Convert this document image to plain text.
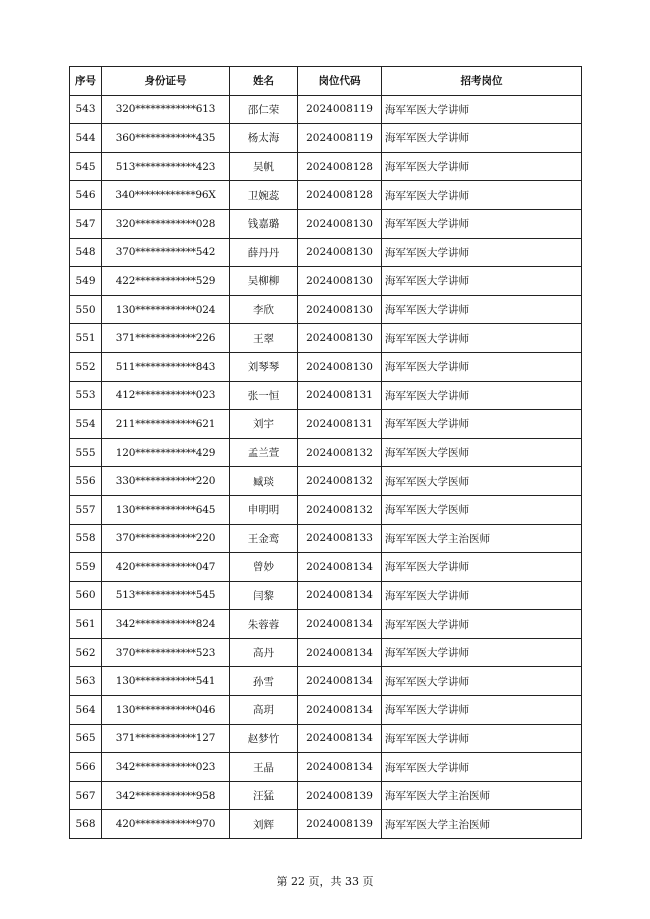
序号	身份证号	姓名	岗位代码	招考岗位
543	320************613	邵仁荣	2024008119	海军军医大学讲师
544	360************435	杨太海	2024008119	海军军医大学讲师
545	513************423	吴帆	2024008128	海军军医大学讲师
546	340************96X	卫婉蕊	2024008128	海军军医大学讲师
547	320************028	钱嘉璐	2024008130	海军军医大学讲师
548	370************542	薛丹丹	2024008130	海军军医大学讲师
549	422************529	吴柳柳	2024008130	海军军医大学讲师
550	130************024	李欣	2024008130	海军军医大学讲师
551	371************226	王翠	2024008130	海军军医大学讲师
552	511************843	刘琴琴	2024008130	海军军医大学讲师
553	412************023	张一恒	2024008131	海军军医大学讲师
554	211************621	刘宇	2024008131	海军军医大学讲师
555	120************429	孟兰萱	2024008132	海军军医大学医师
556	330************220	臧琰	2024008132	海军军医大学医师
557	130************645	申明明	2024008132	海军军医大学医师
558	370************220	王金鸾	2024008133	海军军医大学主治医师
559	420************047	曾妙	2024008134	海军军医大学讲师
560	513************545	闫黎	2024008134	海军军医大学讲师
561	342************824	朱蓉蓉	2024008134	海军军医大学讲师
562	370************523	高丹	2024008134	海军军医大学讲师
563	130************541	孙雪	2024008134	海军军医大学讲师
564	130************046	高玥	2024008134	海军军医大学讲师
565	371************127	赵梦竹	2024008134	海军军医大学讲师
566	342************023	王晶	2024008134	海军军医大学讲师
567	342************958	汪猛	2024008139	海军军医大学主治医师
568	420************970	刘辉	2024008139	海军军医大学主治医师
第 22 页，共 33 页
